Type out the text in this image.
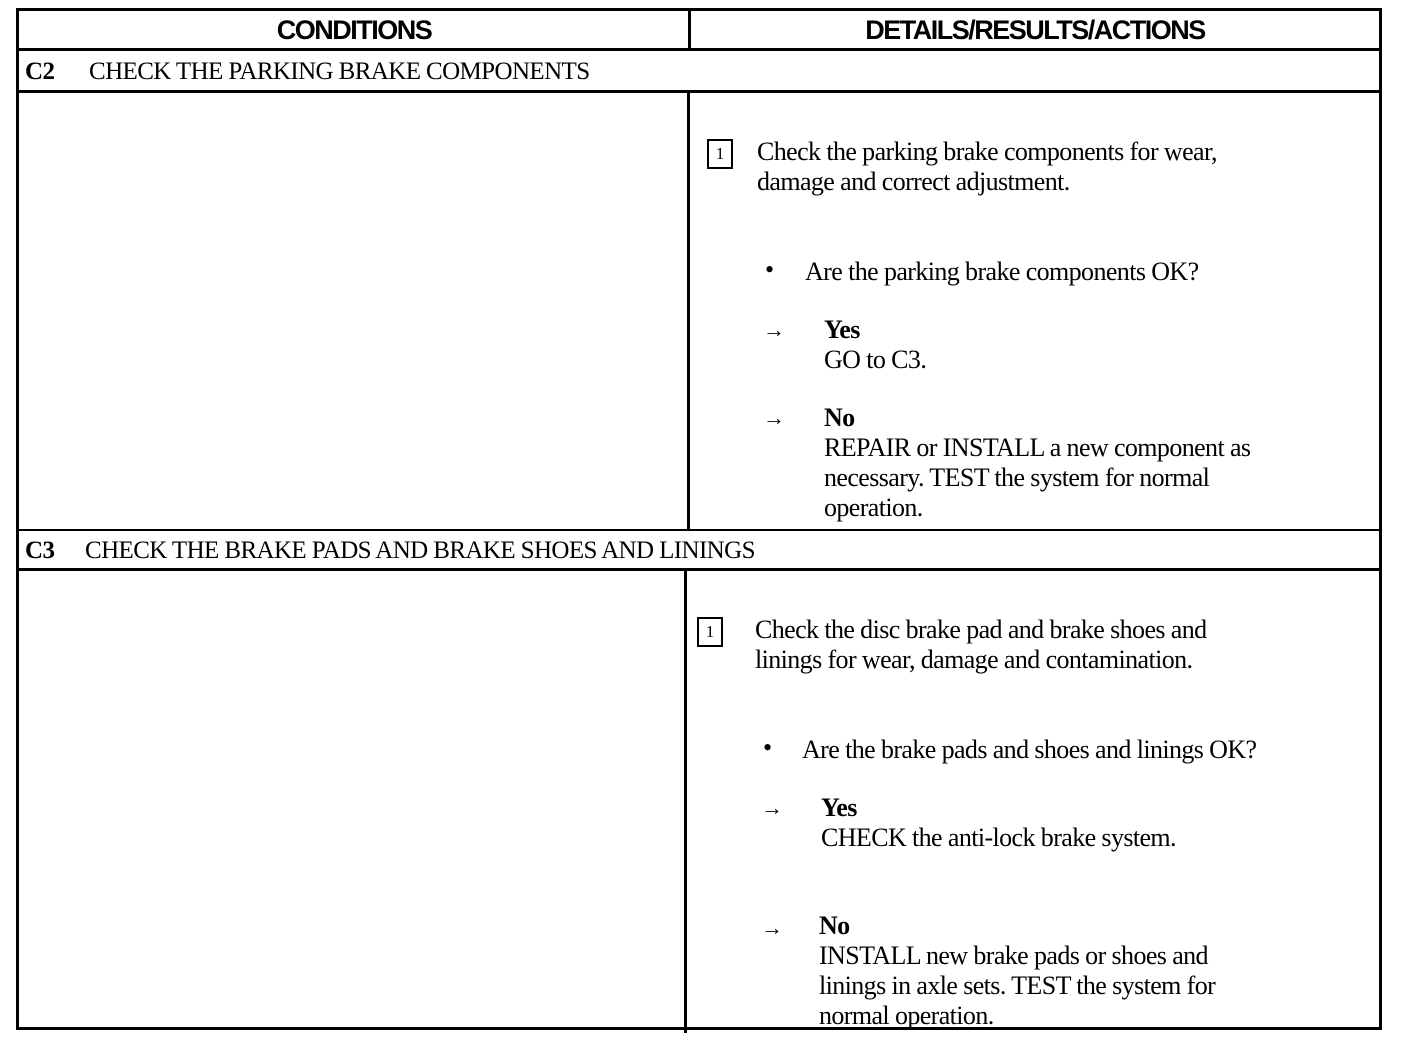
CONDITIONS	DETAILS/RESULTS/ACTIONS
C2 CHECK THE PARKING BRAKE COMPONENTS
1	Check the parking brake components for wear,
damage and correct adjustment.
• Are the parking brake components OK?
→ Yes
GO to C3.
→ No
REPAIR or INSTALL a new component as
necessary. TEST the system for normal
operation.
C3 CHECK THE BRAKE PADS AND BRAKE SHOES AND LININGS
1	Check the disc brake pad and brake shoes and
linings for wear, damage and contamination.
• Are the brake pads and shoes and linings OK?
→ Yes
CHECK the anti-lock brake system.
→ No
INSTALL new brake pads or shoes and
linings in axle sets. TEST the system for
normal operation.
